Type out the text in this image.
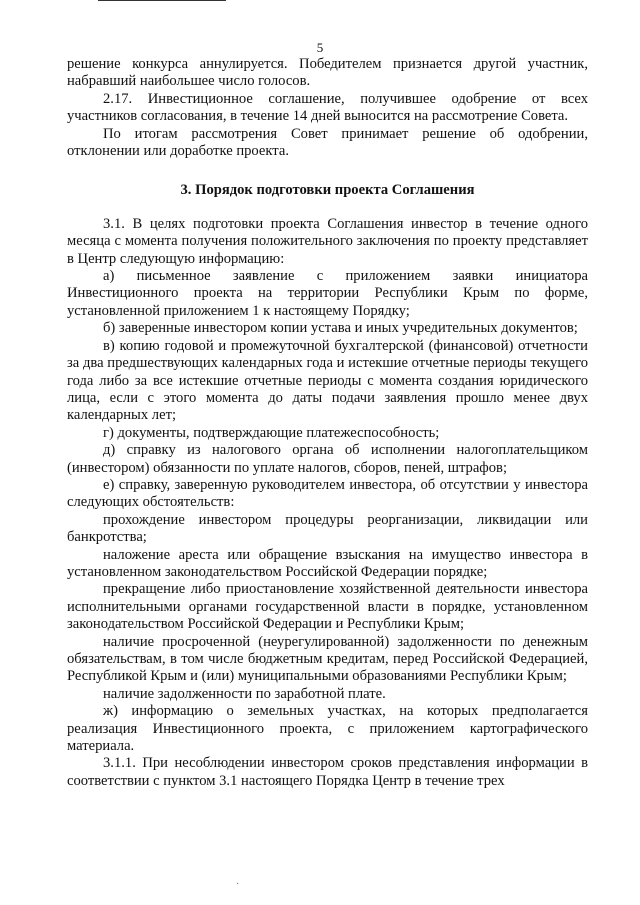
5

решение конкурса аннулируется. Победителем признается другой участник, набравший наибольшее число голосов.

2.17. Инвестиционное соглашение, получившее одобрение от всех участников согласования, в течение 14 дней выносится на рассмотрение Совета.

По итогам рассмотрения Совет принимает решение об одобрении, отклонении или доработке проекта.

3. Порядок подготовки проекта Соглашения

3.1. В целях подготовки проекта Соглашения инвестор в течение одного месяца с момента получения положительного заключения по проекту представляет в Центр следующую информацию:

а) письменное заявление с приложением заявки инициатора Инвестиционного проекта на территории Республики Крым по форме, установленной приложением 1 к настоящему Порядку;

б) заверенные инвестором копии устава и иных учредительных документов;

в) копию годовой и промежуточной бухгалтерской (финансовой) отчетности за два предшествующих календарных года и истекшие отчетные периоды текущего года либо за все истекшие отчетные периоды с момента создания юридического лица, если с этого момента до даты подачи заявления прошло менее двух календарных лет;

г) документы, подтверждающие платежеспособность;

д) справку из налогового органа об исполнении налогоплательщиком (инвестором) обязанности по уплате налогов, сборов, пеней, штрафов;

е) справку, заверенную руководителем инвестора, об отсутствии у инвестора следующих обстоятельств:

прохождение инвестором процедуры реорганизации, ликвидации или банкротства;

наложение ареста или обращение взыскания на имущество инвестора в установленном законодательством Российской Федерации порядке;

прекращение либо приостановление хозяйственной деятельности инвестора исполнительными органами государственной власти в порядке, установленном законодательством Российской Федерации и Республики Крым;

наличие просроченной (неурегулированной) задолженности по денежным обязательствам, в том числе бюджетным кредитам, перед Российской Федерацией, Республикой Крым и (или) муниципальными образованиями Республики Крым;

наличие задолженности по заработной плате.

ж) информацию о земельных участках, на которых предполагается реализация Инвестиционного проекта, с приложением картографического материала.

3.1.1. При несоблюдении инвестором сроков представления информации в соответствии с пунктом 3.1 настоящего Порядка Центр в течение трех

·
